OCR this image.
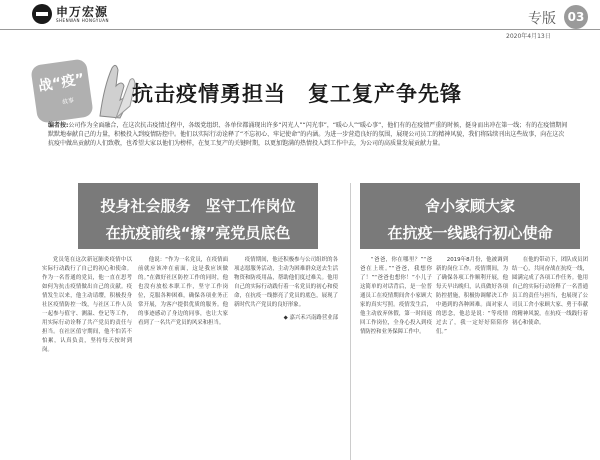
申万宏源
SHENWAN HONGYUAN	专版 03
2020年4月13日
战“疫”
故事	抗击疫情勇担当　复工复产争先锋
编者按:公司作为全面融合，在这次抗击疫情过程中，各级党组织、各单位都涌现出许多“闪光人”“闪光事”，“暖心人”“暖心事”，他们有的在疫情严重的时候，挺身而出冲在第一线；有的在疫情期间默默地奉献自己的力量，积极投入到疫情防控中。他们以实际行动诠释了“不忘初心、牢记使命”的内涵。为进一步营造良好的氛围，展现公司员工的精神风貌，我们将陆续刊出这些故事，向在这次抗疫中做出贡献的人们致敬，也希望大家以他们为榜样，在复工复产的关键时期，以更加饱满的热情投入到工作中去，为公司的高质量发展贡献力量。
投身社会服务　坚守工作岗位
在抗疫前线“擦”亮党员底色
舍小家顾大家
在抗疫一线践行初心使命

党员笔在这次新冠肺炎疫情中以实际行动践行了自己的初心和使命。作为一名普通的党员，他一直在思考如何为抗击疫情做出自己的贡献。疫情发生以来，他主动请缨，积极投身社区疫情防控一线，与社区工作人员一起参与值守、测温、登记等工作，用实际行动诠释了共产党员的责任与担当。在社区值守期间，他不怕苦不怕累，认真负责，坚持每天按时到岗。

他说：“作为一名党员，在疫情面前就应该冲在前面，这是我应该做的。”在做好社区防控工作的同时，他也没有放松本职工作，坚守工作岗位，克服各种困难，确保各项业务正常开展，为客户提供优质的服务。他的事迹感动了身边的同事，也让大家看到了一名共产党员的风采和担当。

疫情期间，他还积极参与公司组织的各项志愿服务活动，主动为困难群众送去生活物资和防疫用品，帮助他们度过难关。他用自己的实际行动践行着一名党员的初心和使命，在抗疫一线擦亮了党员的底色，展现了新时代共产党员的良好形象。

◆ 嘉兴禾兴南路营业部

“爸爸，你在哪里？”“爸爸在上班。”“爸爸，我想你了！”“爸爸也想你！”小儿子这简单的对话背后，是一位普通员工在疫情期间舍小家顾大家的真实写照。疫情发生后，他主动放弃休假，第一时间返回工作岗位，全身心投入到疫情防控和业务保障工作中。

2019年8月份，他被调到新的岗位工作。疫情期间，为了确保各项工作顺利开展，他每天早出晚归，认真做好各项防控措施，积极协调解决工作中遇到的各种困难。面对家人的思念，他总是说：“等疫情过去了，我一定好好陪陪你们。”

在他的带动下，团队成员团结一心，共同奋战在抗疫一线，圆满完成了各项工作任务。他用自己的实际行动诠释了一名普通员工的责任与担当，也展现了公司员工舍小家顾大家、勇于奉献的精神风貌，在抗疫一线践行着初心和使命。
